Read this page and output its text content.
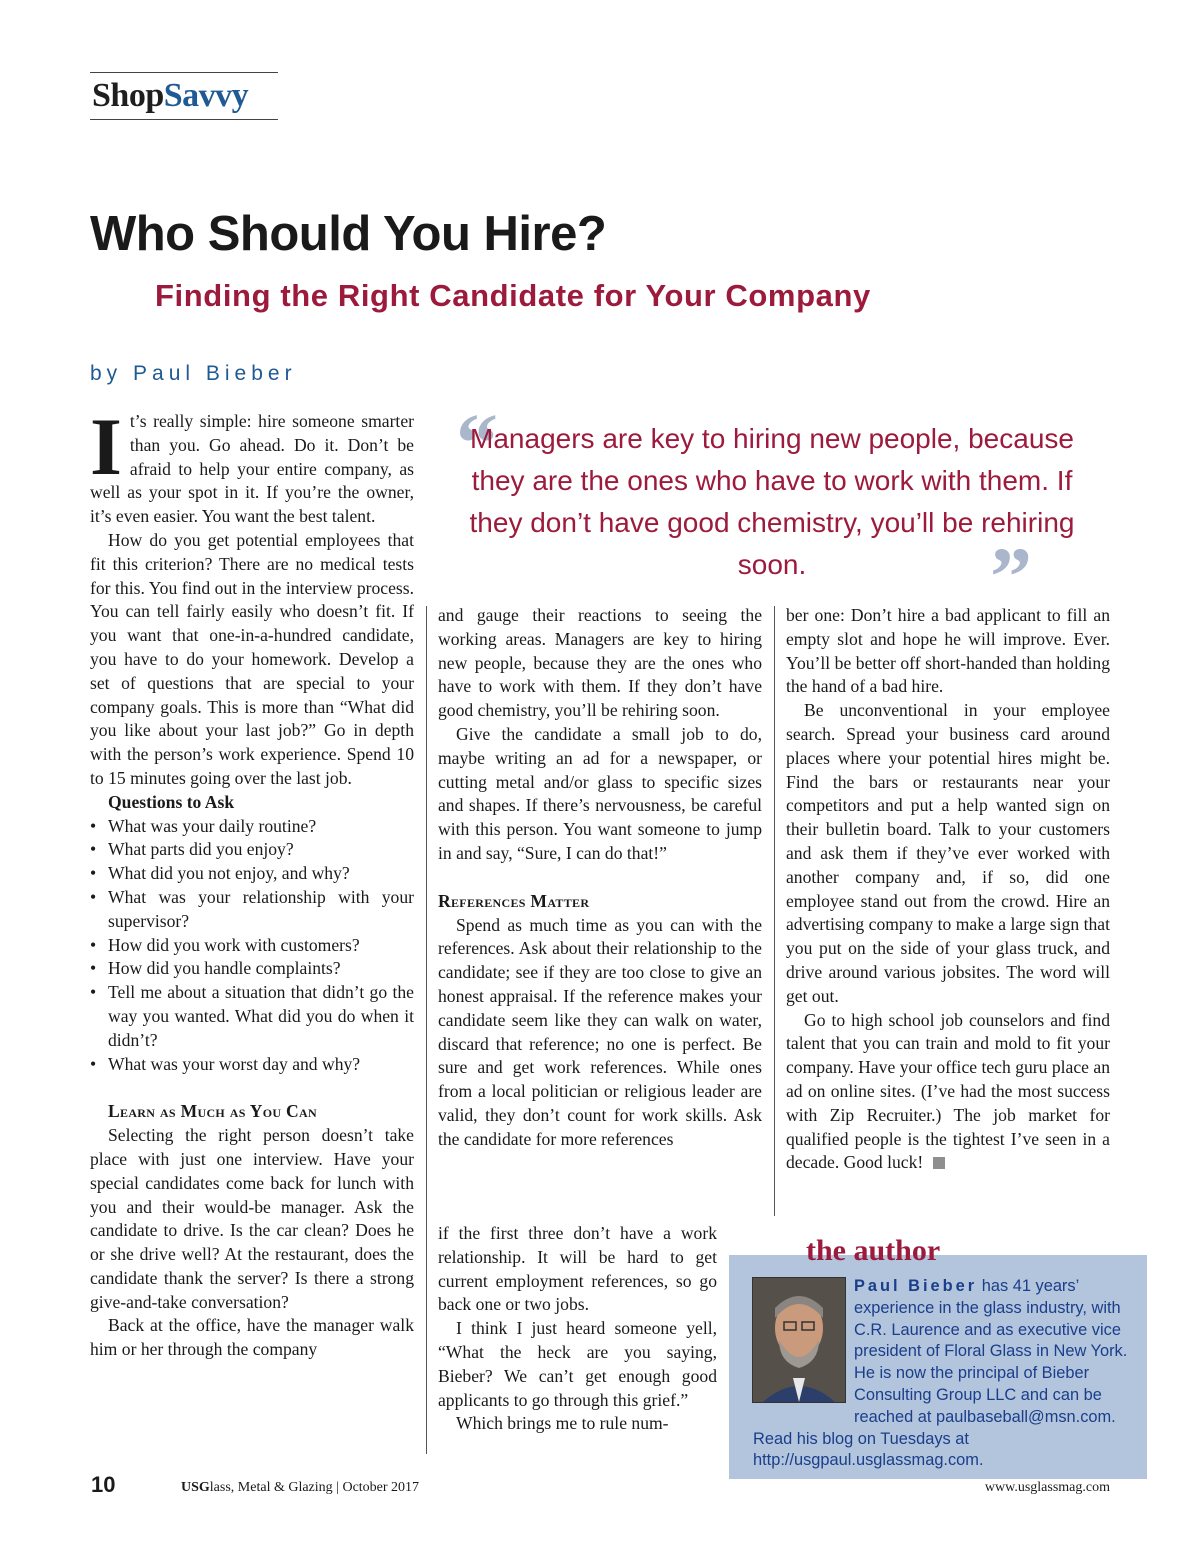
ShopSavvy
Who Should You Hire?
Finding the Right Candidate for Your Company
by Paul Bieber

It’s really simple: hire someone smarter than you. Go ahead. Do it. Don’t be afraid to help your entire company, as well as your spot in it. If you’re the owner, it’s even easier. You want the best talent.

How do you get potential employees that fit this criterion? There are no medical tests for this. You find out in the interview process. You can tell fairly easily who doesn’t fit. If you want that one-in-a-hundred candidate, you have to do your homework. Develop a set of questions that are special to your company goals. This is more than “What did you like about your last job?” Go in depth with the person’s work experience. Spend 10 to 15 minutes going over the last job.

Questions to Ask

• What was your daily routine?
• What parts did you enjoy?
• What did you not enjoy, and why?
• What was your relationship with your supervisor?
• How did you work with customers?
• How did you handle complaints?
• Tell me about a situation that didn’t go the way you wanted. What did you do when it didn’t?
• What was your worst day and why?

Learn as Much as You Can

Selecting the right person doesn’t take place with just one interview. Have your special candidates come back for lunch with you and their would-be manager. Ask the candidate to drive. Is the car clean? Does he or she drive well? At the restaurant, does the candidate thank the server? Is there a strong give-and-take conversation?

Back at the office, have the manager walk him or her through the company

“
Managers are key to hiring new people, because they are the ones who have to work with them. If they don’t have good chemistry, you’ll be rehiring soon.	”

and gauge their reactions to seeing the working areas. Managers are key to hiring new people, because they are the ones who have to work with them. If they don’t have good chemistry, you’ll be rehiring soon.

Give the candidate a small job to do, maybe writing an ad for a newspaper, or cutting metal and/or glass to specific sizes and shapes. If there’s nervousness, be careful with this person. You want someone to jump in and say, “Sure, I can do that!”

References Matter

Spend as much time as you can with the references. Ask about their relationship to the candidate; see if they are too close to give an honest appraisal. If the reference makes your candidate seem like they can walk on water, discard that reference; no one is perfect. Be sure and get work references. While ones from a local politician or religious leader are valid, they don’t count for work skills. Ask the candidate for more references

if the first three don’t have a work relationship. It will be hard to get current employment references, so go back one or two jobs.

I think I just heard someone yell, “What the heck are you saying, Bieber? We can’t get enough good applicants to go through this grief.”

Which brings me to rule num-

ber one: Don’t hire a bad applicant to fill an empty slot and hope he will improve. Ever. You’ll be better off short-handed than holding the hand of a bad hire.

Be unconventional in your employee search. Spread your business card around places where your potential hires might be. Find the bars or restaurants near your competitors and put a help wanted sign on their bulletin board. Talk to your customers and ask them if they’ve ever worked with another company and, if so, did one employee stand out from the crowd. Hire an advertising company to make a large sign that you put on the side of your glass truck, and drive around various jobsites. The word will get out.

Go to high school job counselors and find talent that you can train and mold to fit your company. Have your office tech guru place an ad on online sites. (I’ve had the most success with Zip Recruiter.) The job market for qualified people is the tightest I’ve seen in a decade. Good luck!

the author
Paul Bieber has 41 years’ experience in the glass industry, with C.R. Laurence and as executive vice president of Floral Glass in New York. He is now the principal of Bieber Consulting Group LLC and can be reached at paulbaseball@msn.com. Read his blog on Tuesdays at http://usgpaul.usglassmag.com.
10	USGlass, Metal & Glazing | October 2017	www.usglassmag.com
